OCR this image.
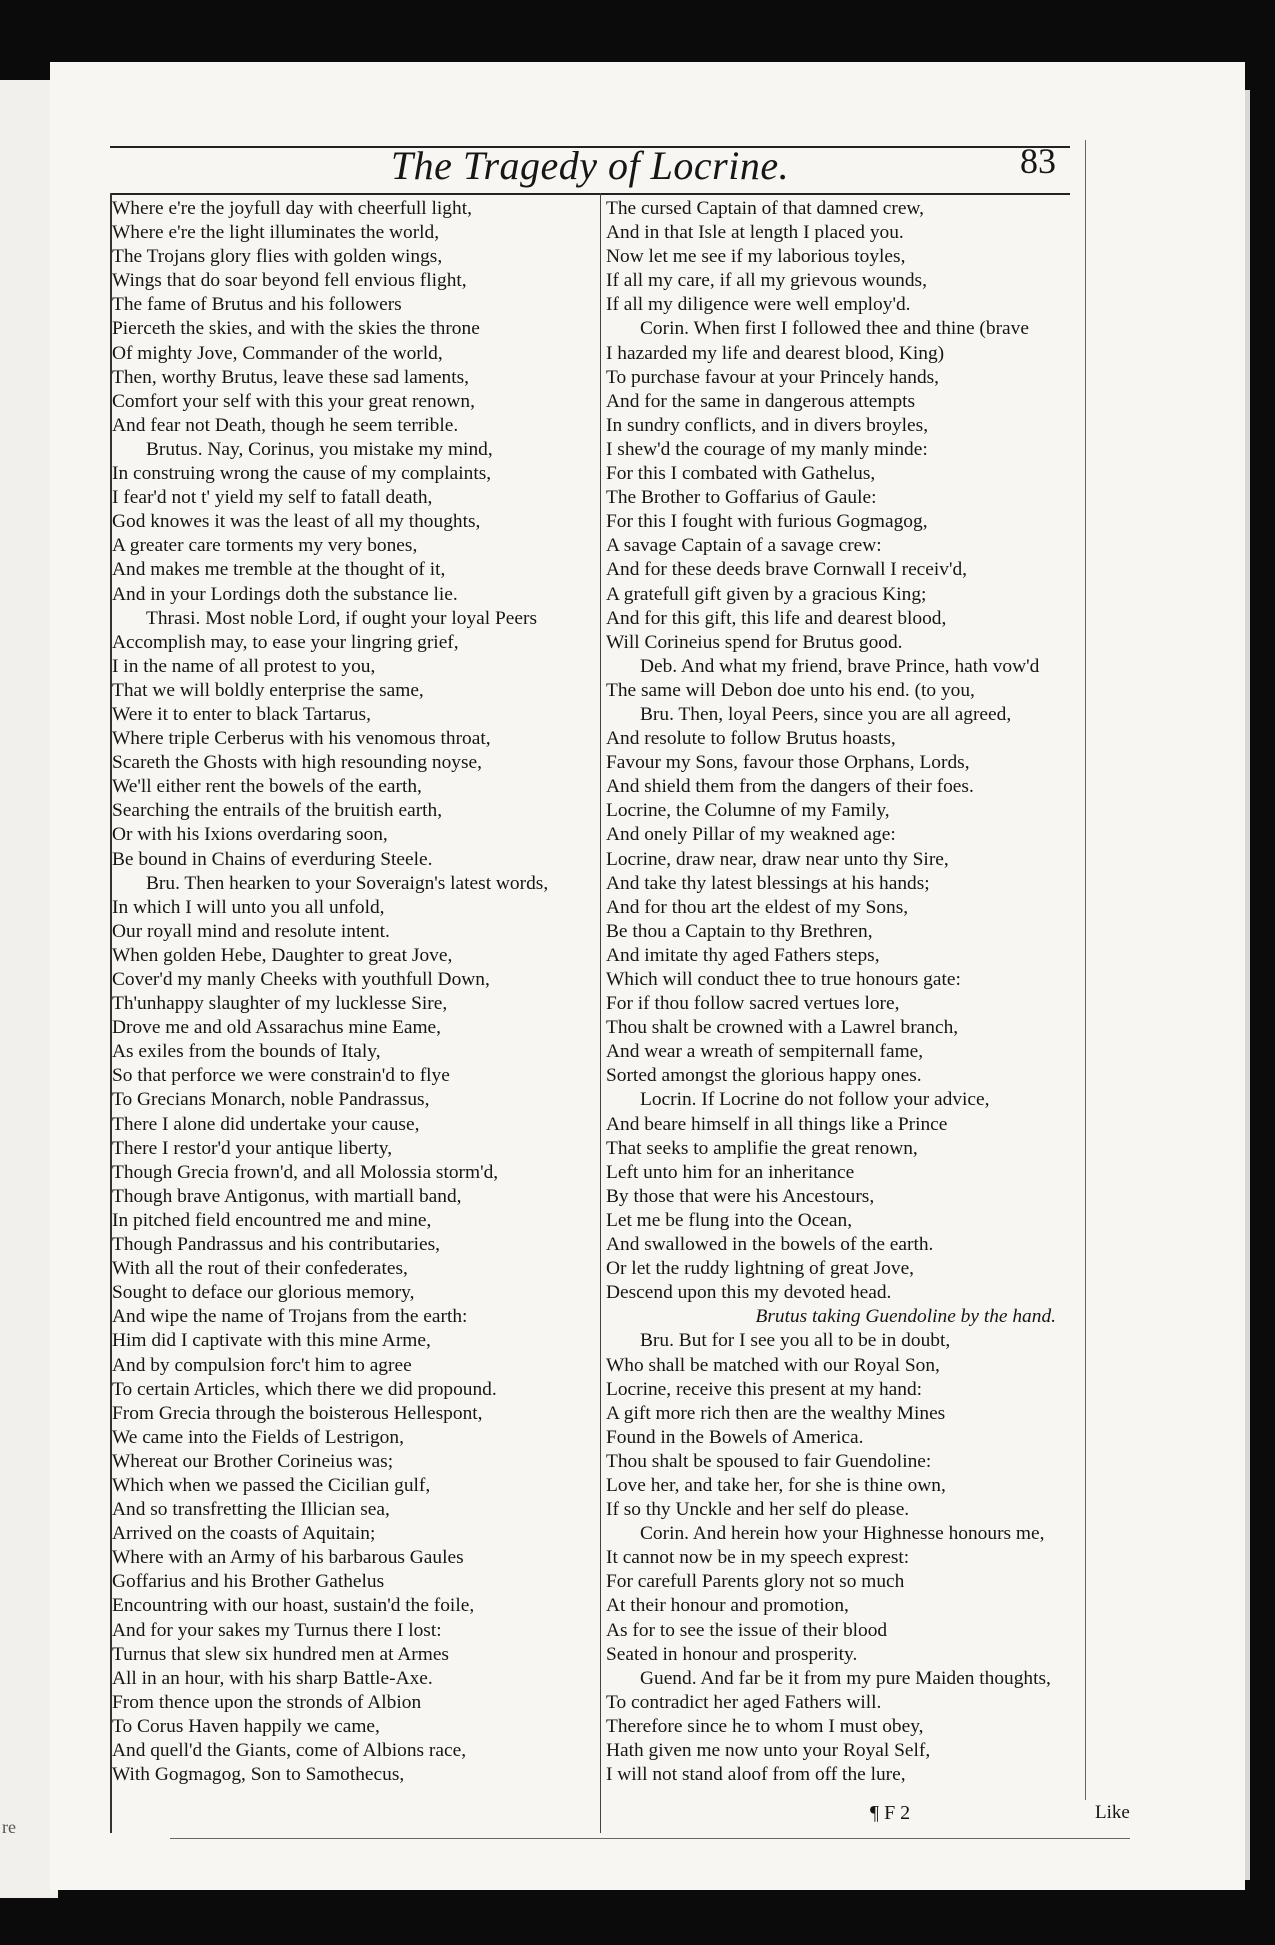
re
The Tragedy of Locrine.	83
Where e're the joyfull day with cheerfull light,
Where e're the light illuminates the world,
The Trojans glory flies with golden wings,
Wings that do soar beyond fell envious flight,
The fame of Brutus and his followers
Pierceth the skies, and with the skies the throne
Of mighty Jove, Commander of the world,
Then, worthy Brutus, leave these sad laments,
Comfort your self with this your great renown,
And fear not Death, though he seem terrible.
Brutus. Nay, Corinus, you mistake my mind,
In construing wrong the cause of my complaints,
I fear'd not t' yield my self to fatall death,
God knowes it was the least of all my thoughts,
A greater care torments my very bones,
And makes me tremble at the thought of it,
And in your Lordings doth the substance lie.
Thrasi. Most noble Lord, if ought your loyal Peers
Accomplish may, to ease your lingring grief,
I in the name of all protest to you,
That we will boldly enterprise the same,
Were it to enter to black Tartarus,
Where triple Cerberus with his venomous throat,
Scareth the Ghosts with high resounding noyse,
We'll either rent the bowels of the earth,
Searching the entrails of the bruitish earth,
Or with his Ixions overdaring soon,
Be bound in Chains of everduring Steele.
Bru. Then hearken to your Soveraign's latest words,
In which I will unto you all unfold,
Our royall mind and resolute intent.
When golden Hebe, Daughter to great Jove,
Cover'd my manly Cheeks with youthfull Down,
Th'unhappy slaughter of my lucklesse Sire,
Drove me and old Assarachus mine Eame,
As exiles from the bounds of Italy,
So that perforce we were constrain'd to flye
To Grecians Monarch, noble Pandrassus,
There I alone did undertake your cause,
There I restor'd your antique liberty,
Though Grecia frown'd, and all Molossia storm'd,
Though brave Antigonus, with martiall band,
In pitched field encountred me and mine,
Though Pandrassus and his contributaries,
With all the rout of their confederates,
Sought to deface our glorious memory,
And wipe the name of Trojans from the earth:
Him did I captivate with this mine Arme,
And by compulsion forc't him to agree
To certain Articles, which there we did propound.
From Grecia through the boisterous Hellespont,
We came into the Fields of Lestrigon,
Whereat our Brother Corineius was;
Which when we passed the Cicilian gulf,
And so transfretting the Illician sea,
Arrived on the coasts of Aquitain;
Where with an Army of his barbarous Gaules
Goffarius and his Brother Gathelus
Encountring with our hoast, sustain'd the foile,
And for your sakes my Turnus there I lost:
Turnus that slew six hundred men at Armes
All in an hour, with his sharp Battle-Axe.
From thence upon the stronds of Albion
To Corus Haven happily we came,
And quell'd the Giants, come of Albions race,
With Gogmagog, Son to Samothecus,
The cursed Captain of that damned crew,
And in that Isle at length I placed you.
Now let me see if my laborious toyles,
If all my care, if all my grievous wounds,
If all my diligence were well employ'd.
Corin. When first I followed thee and thine (brave
I hazarded my life and dearest blood, King)
To purchase favour at your Princely hands,
And for the same in dangerous attempts
In sundry conflicts, and in divers broyles,
I shew'd the courage of my manly minde:
For this I combated with Gathelus,
The Brother to Goffarius of Gaule:
For this I fought with furious Gogmagog,
A savage Captain of a savage crew:
And for these deeds brave Cornwall I receiv'd,
A gratefull gift given by a gracious King;
And for this gift, this life and dearest blood,
Will Corineius spend for Brutus good.
Deb. And what my friend, brave Prince, hath vow'd
The same will Debon doe unto his end. (to you,
Bru. Then, loyal Peers, since you are all agreed,
And resolute to follow Brutus hoasts,
Favour my Sons, favour those Orphans, Lords,
And shield them from the dangers of their foes.
Locrine, the Columne of my Family,
And onely Pillar of my weakned age:
Locrine, draw near, draw near unto thy Sire,
And take thy latest blessings at his hands;
And for thou art the eldest of my Sons,
Be thou a Captain to thy Brethren,
And imitate thy aged Fathers steps,
Which will conduct thee to true honours gate:
For if thou follow sacred vertues lore,
Thou shalt be crowned with a Lawrel branch,
And wear a wreath of sempiternall fame,
Sorted amongst the glorious happy ones.
Locrin. If Locrine do not follow your advice,
And beare himself in all things like a Prince
That seeks to amplifie the great renown,
Left unto him for an inheritance
By those that were his Ancestours,
Let me be flung into the Ocean,
And swallowed in the bowels of the earth.
Or let the ruddy lightning of great Jove,
Descend upon this my devoted head.
Brutus taking Guendoline by the hand.
Bru. But for I see you all to be in doubt,
Who shall be matched with our Royal Son,
Locrine, receive this present at my hand:
A gift more rich then are the wealthy Mines
Found in the Bowels of America.
Thou shalt be spoused to fair Guendoline:
Love her, and take her, for she is thine own,
If so thy Unckle and her self do please.
Corin. And herein how your Highnesse honours me,
It cannot now be in my speech exprest:
For carefull Parents glory not so much
At their honour and promotion,
As for to see the issue of their blood
Seated in honour and prosperity.
Guend. And far be it from my pure Maiden thoughts,
To contradict her aged Fathers will.
Therefore since he to whom I must obey,
Hath given me now unto your Royal Self,
I will not stand aloof from off the lure,
¶ F 2	Like
